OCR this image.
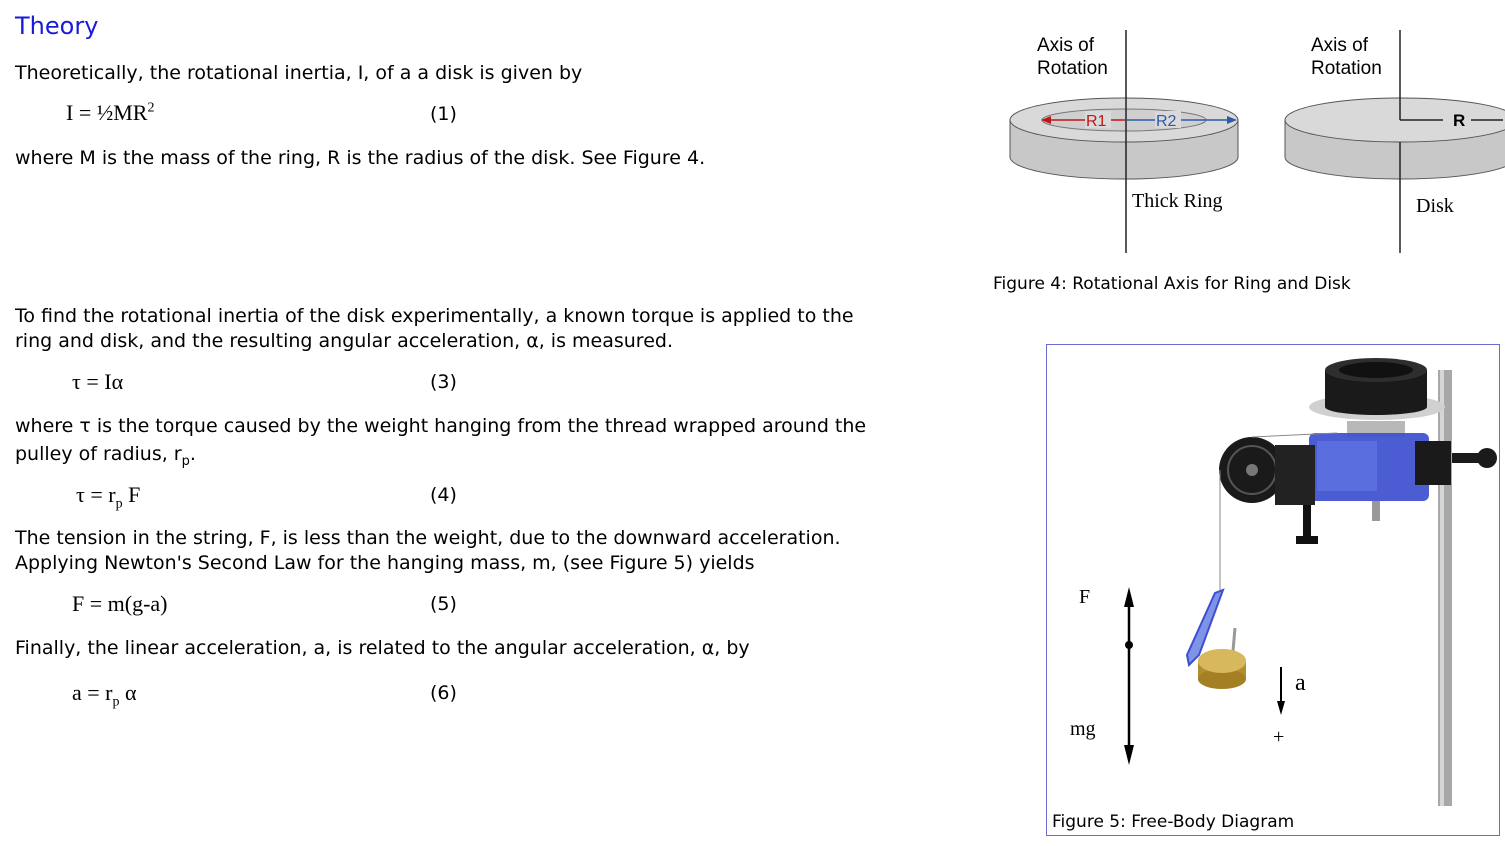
Theory
Theoretically, the rotational inertia, I, of a a disk is given by
$I = \frac{1}{2}MR^2$	(1)
where M is the mass of the ring, R is the radius of the disk. See Figure 4.
To find the rotational inertia of the disk experimentally, a known torque is applied to the
ring and disk, and the resulting angular acceleration, α, is measured.
τ = Iα	(3)
where τ is the torque caused by the weight hanging from the thread wrapped around the
pulley of radius, $r_p$.
$\tau = r_p$ F	(4)
The tension in the string, F, is less than the weight, due to the downward acceleration.
Applying Newton's Second Law for the hanging mass, m, (see Figure 5) yields
F = m(g-a)	(5)
Finally, the linear acceleration, a, is related to the angular acceleration, α, by
$a = r_p$ α	(6)
R1	R2
Axis of
Rotation
Thick Ring
R
Axis of
Rotation
Disk
Figure 4: Rotational Axis for Ring and Disk
F
mg
a
+
Figure 5: Free-Body Diagram
